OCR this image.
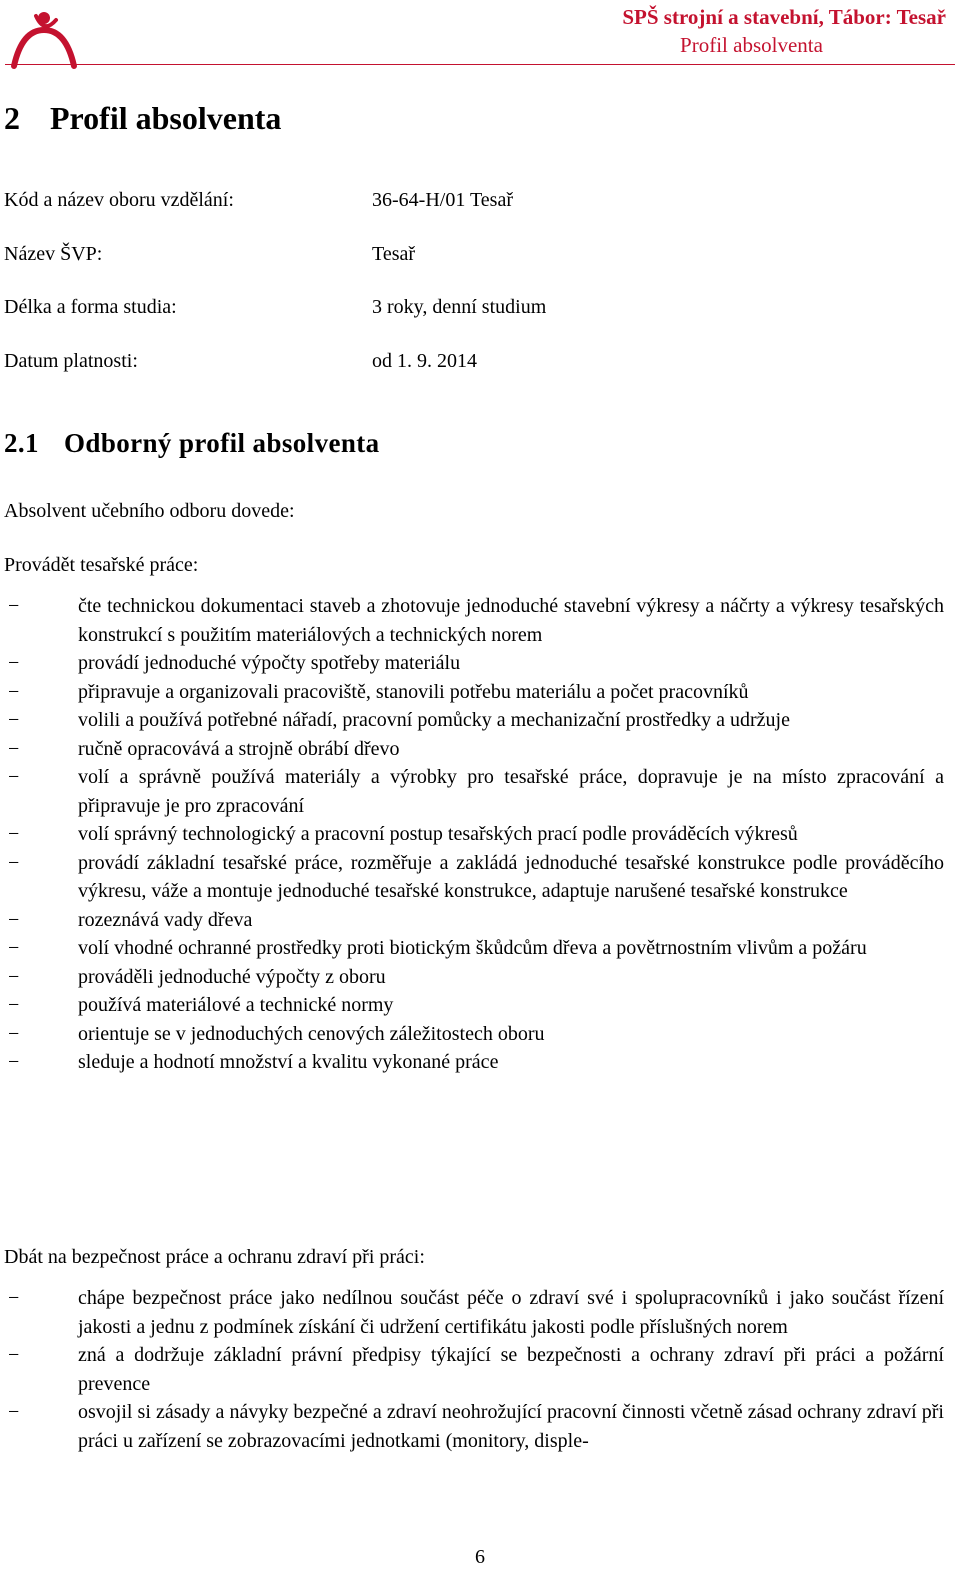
SPŠ strojní a stavební, Tábor: Tesař
Profil absolventa
2 Profil absolventa
Kód a název oboru vzdělání:	36-64-H/01 Tesař
Název ŠVP:	Tesař
Délka a forma studia:	3 roky, denní studium
Datum platnosti:	od 1. 9. 2014
2.1 Odborný profil absolventa
Absolvent učebního odboru dovede:
Provádět tesařské práce:
−	čte technickou dokumentaci staveb a zhotovuje jednoduché stavební výkresy a náčrty a výkresy tesařských konstrukcí s použitím materiálových a technických norem
−	provádí jednoduché výpočty spotřeby materiálu
−	připravuje a organizovali pracoviště, stanovili potřebu materiálu a počet pracovníků
−	volili a používá potřebné nářadí, pracovní pomůcky a mechanizační prostředky a udržuje
−	ručně opracovává a strojně obrábí dřevo
−	volí a správně používá materiály a výrobky pro tesařské práce, dopravuje je na místo zpracování a připravuje je pro zpracování
−	volí správný technologický a pracovní postup tesařských prací podle prováděcích výkresů
−	provádí základní tesařské práce, rozměřuje a zakládá jednoduché tesařské konstrukce podle prováděcího výkresu, váže a montuje jednoduché tesařské konstrukce, adaptuje narušené tesařské konstrukce
−	rozeznává vady dřeva
−	volí vhodné ochranné prostředky proti biotickým škůdcům dřeva a povětrnostním vlivům a požáru
−	prováděli jednoduché výpočty z oboru
−	používá materiálové a technické normy
−	orientuje se v jednoduchých cenových záležitostech oboru
−	sleduje a hodnotí množství a kvalitu vykonané práce
Dbát na bezpečnost práce a ochranu zdraví při práci:
−	chápe bezpečnost práce jako nedílnou součást péče o zdraví své i spolupracovníků i jako součást řízení jakosti a jednu z podmínek získání či udržení certifikátu jakosti podle příslušných norem
−	zná a dodržuje základní právní předpisy týkající se bezpečnosti a ochrany zdraví při práci a požární prevence
−	osvojil si zásady a návyky bezpečné a zdraví neohrožující pracovní činnosti včetně zásad ochrany zdraví při práci u zařízení se zobrazovacími jednotkami (monitory, disple-
6
